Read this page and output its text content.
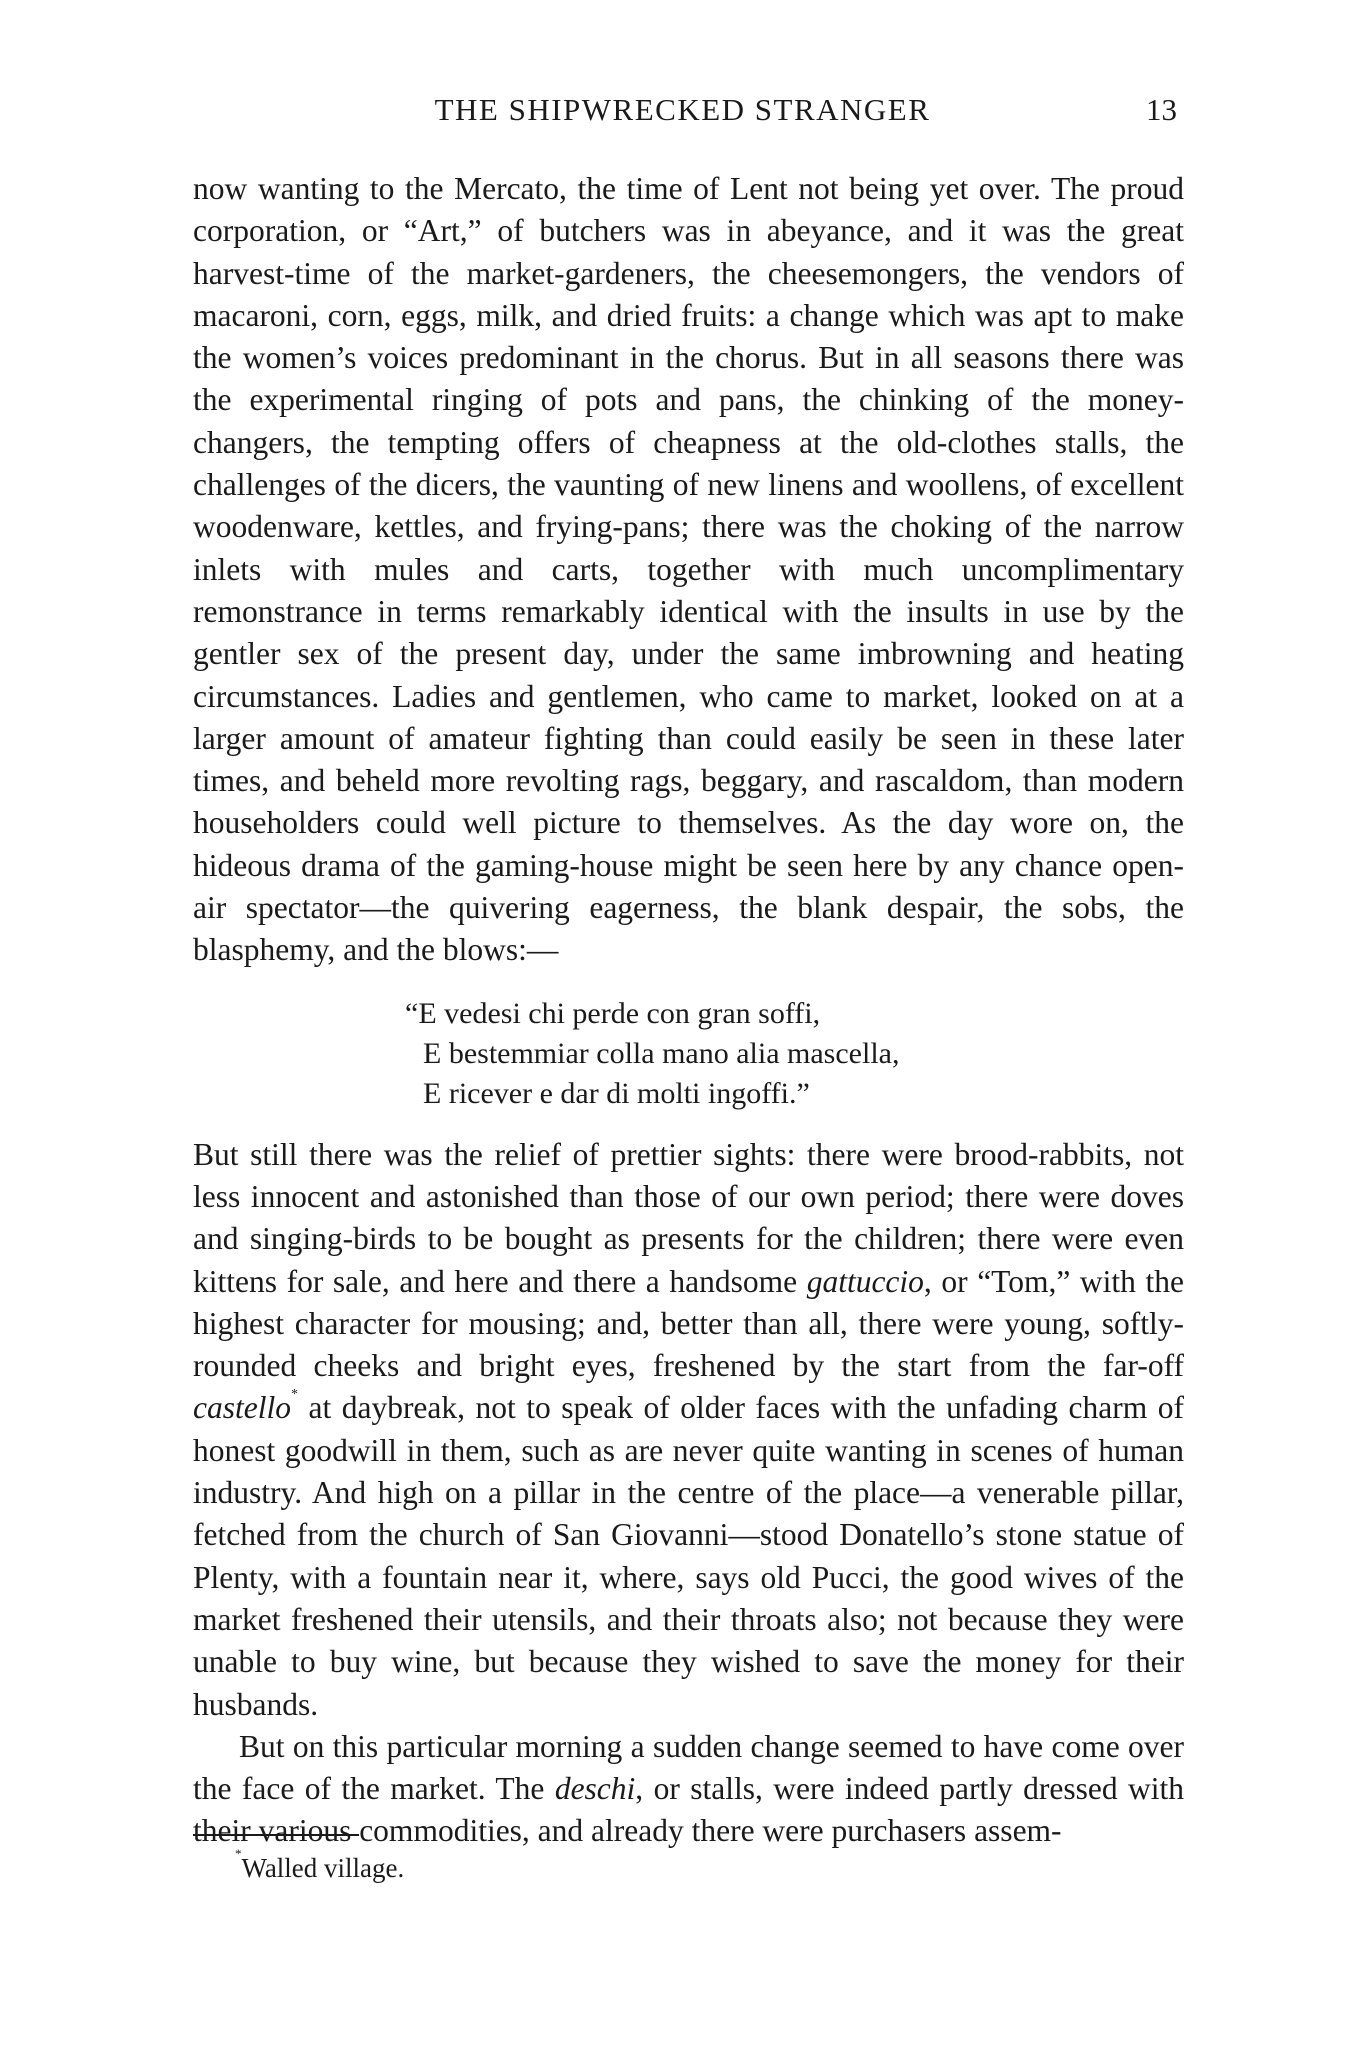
THE SHIPWRECKED STRANGER	13

now wanting to the Mercato, the time of Lent not being yet over. The proud corporation, or “Art,” of butchers was in abeyance, and it was the great harvest-time of the market-gardeners, the cheesemongers, the vendors of macaroni, corn, eggs, milk, and dried fruits: a change which was apt to make the women’s voices predominant in the chorus. But in all seasons there was the experimental ringing of pots and pans, the chinking of the money-changers, the tempting offers of cheapness at the old-clothes stalls, the challenges of the dicers, the vaunting of new linens and woollens, of excellent woodenware, kettles, and frying-pans; there was the choking of the narrow inlets with mules and carts, together with much uncomplimentary remonstrance in terms remarkably identical with the insults in use by the gentler sex of the present day, under the same imbrowning and heating circumstances. Ladies and gentlemen, who came to market, looked on at a larger amount of amateur fighting than could easily be seen in these later times, and beheld more revolting rags, beggary, and rascaldom, than modern householders could well picture to themselves. As the day wore on, the hideous drama of the gaming-house might be seen here by any chance open-air spectator—the quivering eagerness, the blank despair, the sobs, the blasphemy, and the blows:—

“E vedesi chi perde con gran soffi,
E bestemmiar colla mano alia mascella,
E ricever e dar di molti ingoffi.”

But still there was the relief of prettier sights: there were brood-rabbits, not less innocent and astonished than those of our own period; there were doves and singing-birds to be bought as presents for the children; there were even kittens for sale, and here and there a handsome gattuccio, or “Tom,” with the highest character for mousing; and, better than all, there were young, softly-rounded cheeks and bright eyes, freshened by the start from the far-off castello* at daybreak, not to speak of older faces with the unfading charm of honest goodwill in them, such as are never quite wanting in scenes of human industry. And high on a pillar in the centre of the place—a venerable pillar, fetched from the church of San Giovanni—stood Donatello’s stone statue of Plenty, with a fountain near it, where, says old Pucci, the good wives of the market freshened their utensils, and their throats also; not because they were unable to buy wine, but because they wished to save the money for their husbands.

But on this particular morning a sudden change seemed to have come over the face of the market. The deschi, or stalls, were indeed partly dressed with their various commodities, and already there were purchasers assem-

*Walled village.
